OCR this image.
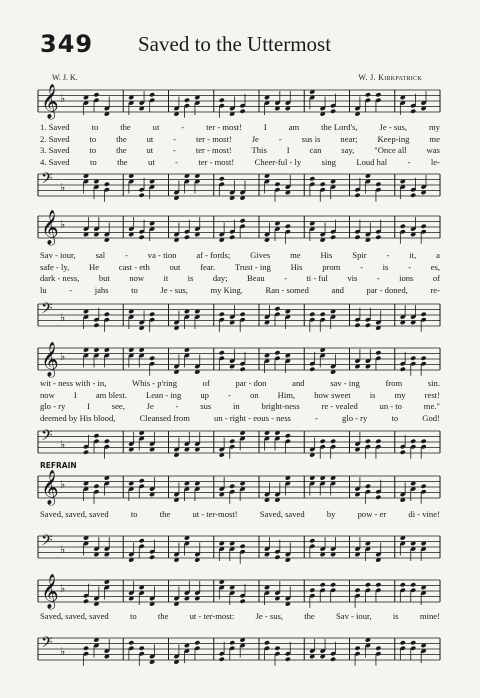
349 Saved to the Uttermost
W. J. K.	W. J. Kirkpatrick
𝄞 ♭
1. Saved	to	the	ut	-	ter - most!	I	am	the Lord's,	Je - sus,	my
2. Saved to the ut - ter - most! Je - sus is near; Keep-ing me
3. Saved to the ut - ter - most! This I can say, "Once all was
4. Saved to the ut - ter - most! Cheer-ful - ly sing Loud hal - le-
𝄢 ♭
𝄞 ♭
Sav - iour, sal - va - tion af - fords; Gives me His Spir - it, a
safe - ly, He cast - eth out fear. Trust - ing His prom - is - es,
dark - ness, but now it is day; Beau - ti - ful vis - ions of
lu	-	jahs	to	Je - sus,	my King.	Ran - somed	and	par - doned,	re-
𝄢 ♭
𝄞 ♭
wit - ness with - in,	Whis - p'ring	of	par - don	and	sav - ing	from	sin.
now I am blest. Lean - ing up - on Him, how sweet is my rest!
glo - ry	I	see,	Je	-	sus	in	bright-ness	re - vealed	un - to	me."
deemed by His blood,	Cleansed from	un - right - eous - ness	-	glo - ry	to	God!
𝄢 ♭
REFRAIN
𝄞 ♭
Saved, saved, saved	to	the	ut - ter-most!	Saved, saved	by	pow - er	di - vine!
𝄢 ♭
𝄞 ♭
Saved, saved, saved to the ut - ter-most: Je - sus, the Sav - iour, is mine!
𝄢 ♭
